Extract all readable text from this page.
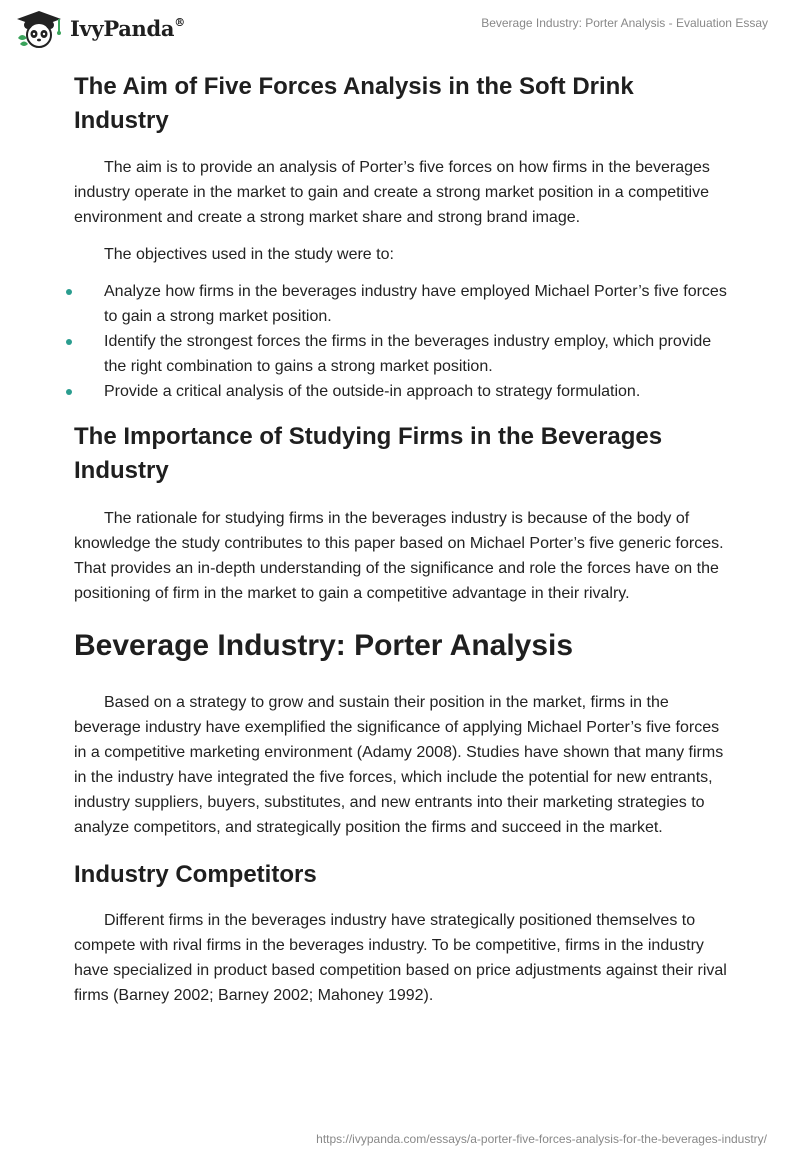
IvyPanda®	Beverage Industry: Porter Analysis - Evaluation Essay
The Aim of Five Forces Analysis in the Soft Drink Industry

The aim is to provide an analysis of Porter’s five forces on how firms in the beverages industry operate in the market to gain and create a strong market position in a competitive environment and create a strong market share and strong brand image.

The objectives used in the study were to:

Analyze how firms in the beverages industry have employed Michael Porter’s five forces to gain a strong market position.
Identify the strongest forces the firms in the beverages industry employ, which provide the right combination to gains a strong market position.
Provide a critical analysis of the outside-in approach to strategy formulation.
The Importance of Studying Firms in the Beverages Industry

The rationale for studying firms in the beverages industry is because of the body of knowledge the study contributes to this paper based on Michael Porter’s five generic forces. That provides an in-depth understanding of the significance and role the forces have on the positioning of firm in the market to gain a competitive advantage in their rivalry.

Beverage Industry: Porter Analysis

Based on a strategy to grow and sustain their position in the market, firms in the beverage industry have exemplified the significance of applying Michael Porter’s five forces in a competitive marketing environment (Adamy 2008). Studies have shown that many firms in the industry have integrated the five forces, which include the potential for new entrants, industry suppliers, buyers, substitutes, and new entrants into their marketing strategies to analyze competitors, and strategically position the firms and succeed in the market.

Industry Competitors

Different firms in the beverages industry have strategically positioned themselves to compete with rival firms in the beverages industry. To be competitive, firms in the industry have specialized in product based competition based on price adjustments against their rival firms (Barney 2002; Barney 2002; Mahoney 1992).

https://ivypanda.com/essays/a-porter-five-forces-analysis-for-the-beverages-industry/
